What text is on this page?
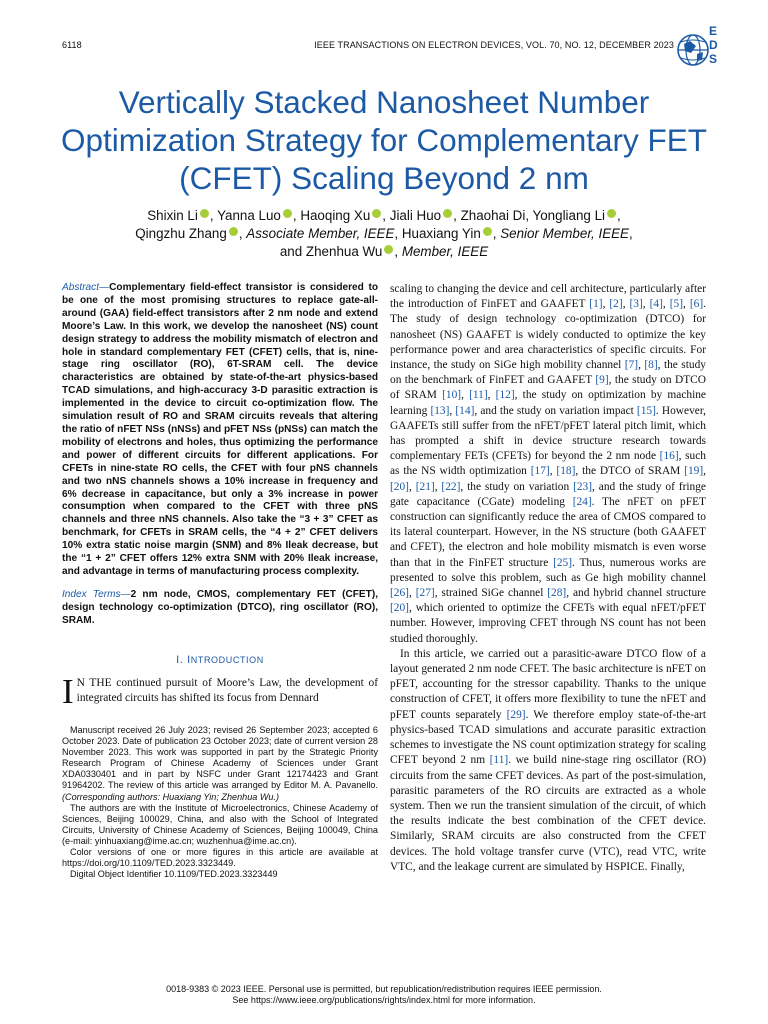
6118	IEEE TRANSACTIONS ON ELECTRON DEVICES, VOL. 70, NO. 12, DECEMBER 2023
EDS
Vertically Stacked Nanosheet Number Optimization Strategy for Complementary FET (CFET) Scaling Beyond 2 nm
Shixin Li , Yanna Luo , Haoqing Xu , Jiali Huo , Zhaohai Di, Yongliang Li ,
Qingzhu Zhang , Associate Member, IEEE, Huaxiang Yin , Senior Member, IEEE,
and Zhenhua Wu , Member, IEEE
Abstract—Complementary field-effect transistor is considered to be one of the most promising structures to replace gate-all-around (GAA) field-effect transistors after 2 nm node and extend Moore’s Law. In this work, we develop the nanosheet (NS) count design strategy to address the mobility mismatch of electron and hole in standard complementary FET (CFET) cells, that is, nine-stage ring oscillator (RO), 6T-SRAM cell. The device characteristics are obtained by state-of-the-art physics-based TCAD simulations, and high-accuracy 3-D parasitic extraction is implemented in the device to circuit co-optimization flow. The simulation result of RO and SRAM circuits reveals that altering the ratio of nFET NSs (nNSs) and pFET NSs (pNSs) can match the mobility of electrons and holes, thus optimizing the performance and power of different circuits for different applications. For CFETs in nine-state RO cells, the CFET with four pNS channels and two nNS channels shows a 10% increase in frequency and 6% decrease in capacitance, but only a 3% increase in power consumption when compared to the CFET with three pNS channels and three nNS channels. Also take the “3 + 3” CFET as benchmark, for CFETs in SRAM cells, the “4 + 2” CFET delivers 10% extra static noise margin (SNM) and 8% Ileak decrease, but the “1 + 2” CFET offers 12% extra SNM with 20% Ileak increase, and advantage in terms of manufacturing process complexity.
Index Terms—2 nm node, CMOS, complementary FET (CFET), design technology co-optimization (DTCO), ring oscillator (RO), SRAM.
I. INTRODUCTION
I N THE continued pursuit of Moore’s Law, the development of integrated circuits has shifted its focus from Dennard

Manuscript received 26 July 2023; revised 26 September 2023; accepted 6 October 2023. Date of publication 23 October 2023; date of current version 28 November 2023. This work was supported in part by the Strategic Priority Research Program of Chinese Academy of Sciences under Grant XDA0330401 and in part by NSFC under Grant 12174423 and Grant 91964202. The review of this article was arranged by Editor M. A. Pavanello. (Corresponding authors: Huaxiang Yin; Zhenhua Wu.)

The authors are with the Institute of Microelectronics, Chinese Academy of Sciences, Beijing 100029, China, and also with the School of Integrated Circuits, University of Chinese Academy of Sciences, Beijing 100049, China (e-mail: yinhuaxiang@ime.ac.cn; wuzhenhua@ime.ac.cn).

Color versions of one or more figures in this article are available at https://doi.org/10.1109/TED.2023.3323449.

Digital Object Identifier 10.1109/TED.2023.3323449

scaling to changing the device and cell architecture, particularly after the introduction of FinFET and GAAFET [1], [2], [3], [4], [5], [6]. The study of design technology co-optimization (DTCO) for nanosheet (NS) GAAFET is widely conducted to optimize the key performance power and area characteristics of specific circuits. For instance, the study on SiGe high mobility channel [7], [8], the study on the benchmark of FinFET and GAAFET [9], the study on DTCO of SRAM [10], [11], [12], the study on optimization by machine learning [13], [14], and the study on variation impact [15]. However, GAAFETs still suffer from the nFET/pFET lateral pitch limit, which has prompted a shift in device structure research towards complementary FETs (CFETs) for beyond the 2 nm node [16], such as the NS width optimization [17], [18], the DTCO of SRAM [19], [20], [21], [22], the study on variation [23], and the study of fringe gate capacitance (CGate) modeling [24]. The nFET on pFET construction can significantly reduce the area of CMOS compared to its lateral counterpart. However, in the NS structure (both GAAFET and CFET), the electron and hole mobility mismatch is even worse than that in the FinFET structure [25]. Thus, numerous works are presented to solve this problem, such as Ge high mobility channel [26], [27], strained SiGe channel [28], and hybrid channel structure [20], which oriented to optimize the CFETs with equal nFET/pFET number. However, improving CFET through NS count has not been studied thoroughly.

In this article, we carried out a parasitic-aware DTCO flow of a layout generated 2 nm node CFET. The basic architecture is nFET on pFET, accounting for the stressor capability. Thanks to the unique construction of CFET, it offers more flexibility to tune the nFET and pFET counts separately [29]. We therefore employ state-of-the-art physics-based TCAD simulations and accurate parasitic extraction schemes to investigate the NS count optimization strategy for scaling CFET beyond 2 nm [11]. we build nine-stage ring oscillator (RO) circuits from the same CFET devices. As part of the post-simulation, parasitic parameters of the RO circuits are extracted as a whole system. Then we run the transient simulation of the circuit, of which the results indicate the best combination of the CFET device. Similarly, SRAM circuits are also constructed from the CFET devices. The hold voltage transfer curve (VTC), read VTC, write VTC, and the leakage current are simulated by HSPICE. Finally,

0018-9383 © 2023 IEEE. Personal use is permitted, but republication/redistribution requires IEEE permission.
See https://www.ieee.org/publications/rights/index.html for more information.
